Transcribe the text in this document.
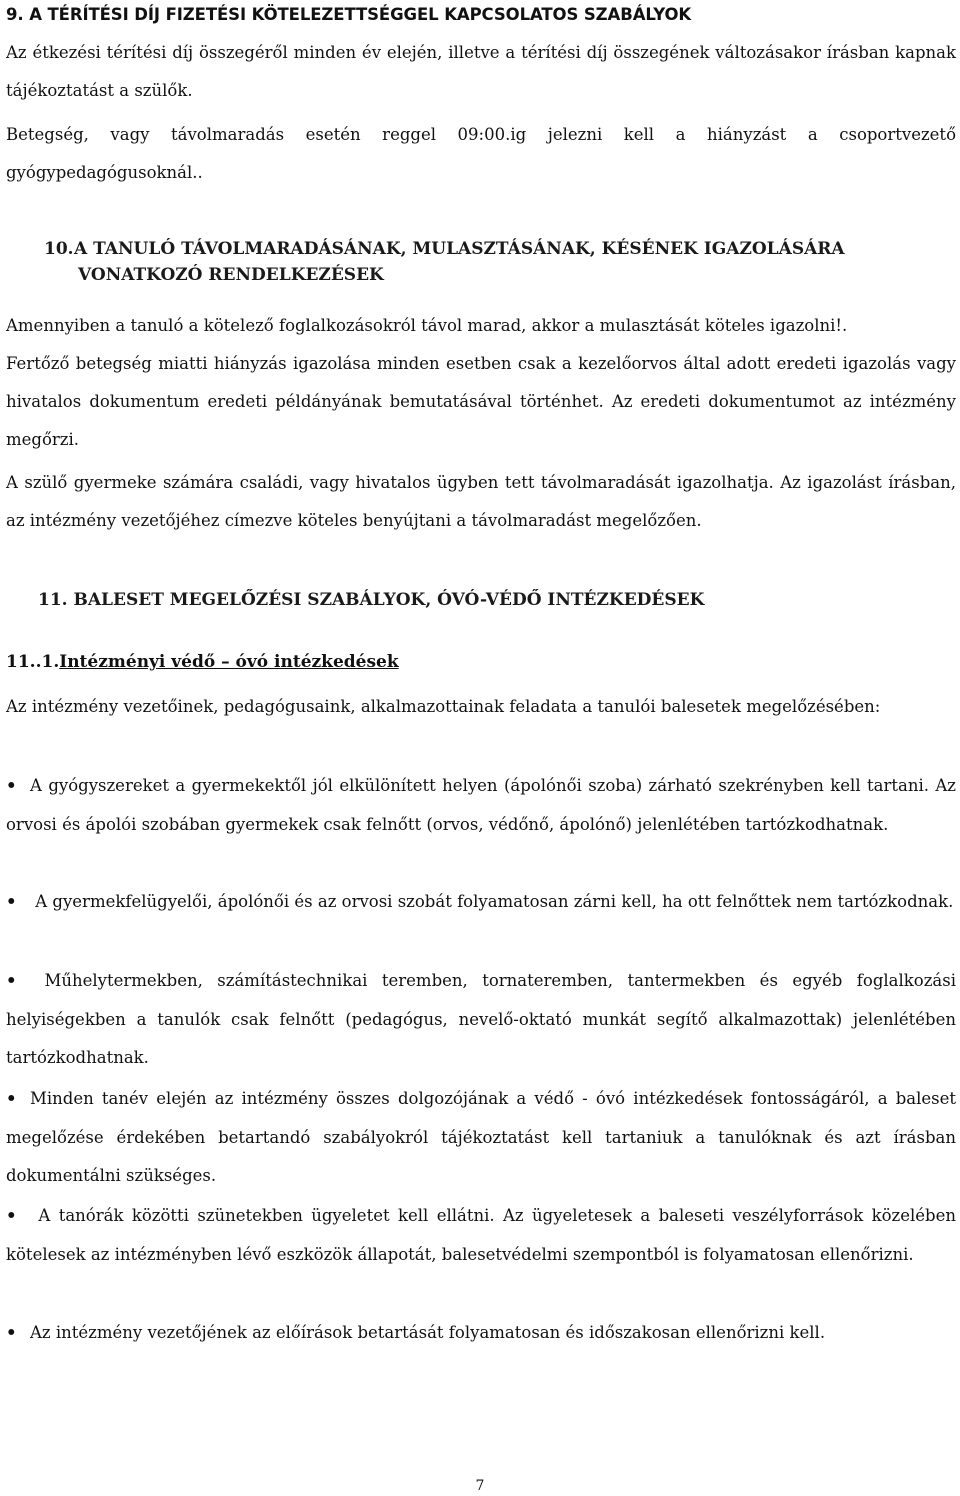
9. A TÉRÍTÉSI DÍJ FIZETÉSI KÖTELEZETTSÉGGEL KAPCSOLATOS SZABÁLYOK

Az étkezési térítési díj összegéről minden év elején, illetve a térítési díj összegének változásakor írásban kapnak tájékoztatást a szülők.

Betegség, vagy távolmaradás esetén reggel 09:00.ig jelezni kell a hiányzást a csoportvezető gyógypedagógusoknál..

10.A TANULÓ TÁVOLMARADÁSÁNAK, MULASZTÁSÁNAK, KÉSÉNEK IGAZOLÁSÁRA
VONATKOZÓ RENDELKEZÉSEK

Amennyiben a tanuló a kötelező foglalkozásokról távol marad, akkor a mulasztását köteles igazolni!.

Fertőző betegség miatti hiányzás igazolása minden esetben csak a kezelőorvos által adott eredeti igazolás vagy hivatalos dokumentum eredeti példányának bemutatásával történhet. Az eredeti dokumentumot az intézmény megőrzi.

A szülő gyermeke számára családi, vagy hivatalos ügyben tett távolmaradását igazolhatja. Az igazolást írásban, az intézmény vezetőjéhez címezve köteles benyújtani a távolmaradást megelőzően.

11. BALESET MEGELŐZÉSI SZABÁLYOK, ÓVÓ-VÉDŐ INTÉZKEDÉSEK
11..1.Intézményi védő – óvó intézkedések

Az intézmény vezetőinek, pedagógusaink, alkalmazottainak feladata a tanulói balesetek megelőzésében:

• A gyógyszereket a gyermekektől jól elkülönített helyen (ápolónői szoba) zárható szekrényben kell tartani. Az orvosi és ápolói szobában gyermekek csak felnőtt (orvos, védőnő, ápolónő) jelenlétében tartózkodhatnak.
• A gyermekfelügyelői, ápolónői és az orvosi szobát folyamatosan zárni kell, ha ott felnőttek nem tartózkodnak.
• Műhelytermekben, számítástechnikai teremben, tornateremben, tantermekben és egyéb foglalkozási helyiségekben a tanulók csak felnőtt (pedagógus, nevelő-oktató munkát segítő alkalmazottak) jelenlétében tartózkodhatnak.
• Minden tanév elején az intézmény összes dolgozójának a védő - óvó intézkedések fontosságáról, a baleset megelőzése érdekében betartandó szabályokról tájékoztatást kell tartaniuk a tanulóknak és azt írásban dokumentálni szükséges.
• A tanórák közötti szünetekben ügyeletet kell ellátni. Az ügyeletesek a baleseti veszélyforrások közelében kötelesek az intézményben lévő eszközök állapotát, balesetvédelmi szempontból is folyamatosan ellenőrizni.
• Az intézmény vezetőjének az előírások betartását folyamatosan és időszakosan ellenőrizni kell.
7
